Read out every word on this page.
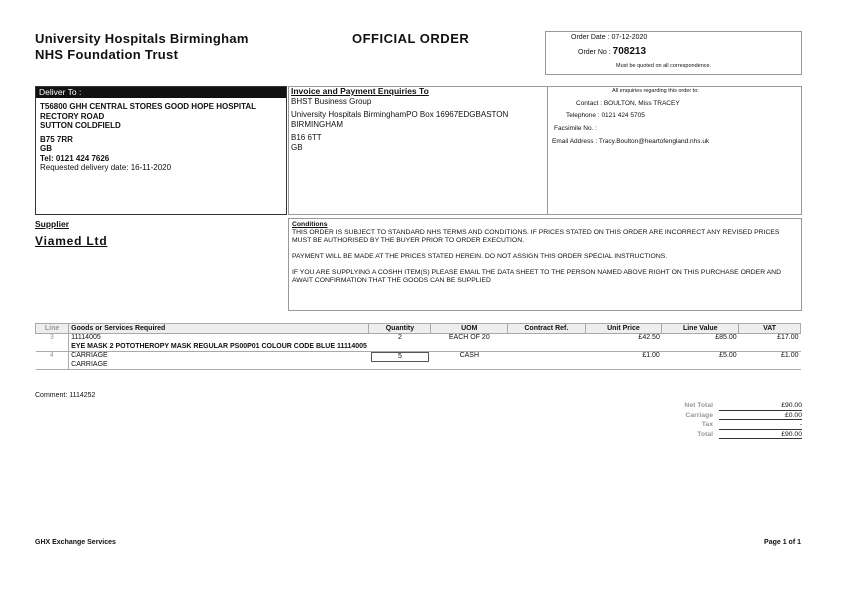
University Hospitals Birmingham
NHS Foundation Trust
OFFICIAL ORDER	Order Date : 07-12-2020
Order No : 708213
Must be quoted on all correspondence.
Deliver To :
T56800 GHH CENTRAL STORES GOOD HOPE HOSPITAL RECTORY ROAD
SUTTON COLDFIELD
B75 7RR
GB
Tel: 0121 424 7626
Requested delivery date: 16-11-2020
Invoice and Payment Enquiries To
BHST Business Group
University Hospitals BirminghamPO Box 16967EDGBASTON
BIRMINGHAM
B16 6TT
GB
All enquiries regarding this order to:
Contact : BOULTON, Miss TRACEY
Telephone : 0121 424 5705
Facsimile No. :
Email Address : Tracy.Boulton@heartofengland.nhs.uk
Supplier
Viamed Ltd
Conditions

THIS ORDER IS SUBJECT TO STANDARD NHS TERMS AND CONDITIONS. IF PRICES STATED ON THIS ORDER ARE INCORRECT ANY REVISED PRICES MUST BE AUTHORISED BY THE BUYER PRIOR TO ORDER EXECUTION.

PAYMENT WILL BE MADE AT THE PRICES STATED HEREIN. DO NOT ASSIGN THIS ORDER SPECIAL INSTRUCTIONS.

IF YOU ARE SUPPLYING A COSHH ITEM(S) PLEASE EMAIL THE DATA SHEET TO THE PERSON NAMED ABOVE RIGHT ON THIS PURCHASE ORDER AND AWAIT CONFIRMATION THAT THE GOODS CAN BE SUPPLIED

Line	Goods or Services Required	Quantity	UOM	Contract Ref.	Unit Price	Line Value	VAT
3	11114005
EYE MASK 2 POTOTHEROPY MASK REGULAR PS00P01 COLOUR CODE BLUE 11114005	2	EACH OF 20		£42.50	£85.00	£17.00
4	CARRIAGE
CARRIAGE	5	CASH		£1.00	£5.00	£1.00
Comment: 1114252
Net Total	£90.00
Carriage	£0.00
Tax	-
Total	£90.00
GHX Exchange Services	Page 1 of 1
